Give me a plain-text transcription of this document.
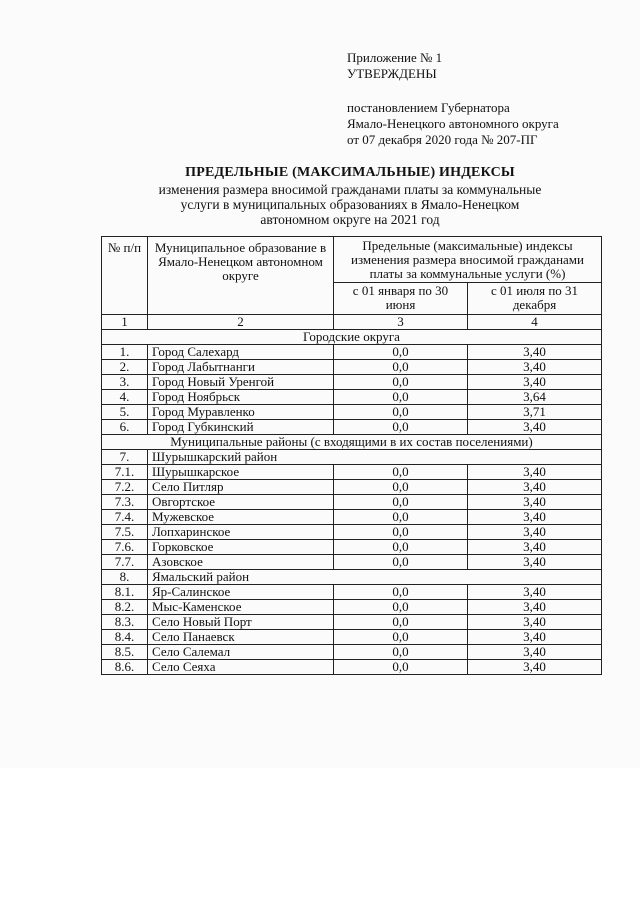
Приложение № 1
УТВЕРЖДЕНЫ
постановлением Губернатора
Ямало-Ненецкого автономного округа
от 07 декабря 2020 года № 207-ПГ
ПРЕДЕЛЬНЫЕ (МАКСИМАЛЬНЫЕ) ИНДЕКСЫ
изменения размера вносимой гражданами платы за коммунальные
услуги в муниципальных образованиях в Ямало-Ненецком
автономном округе на 2021 год
№ п/п	Муниципальное образование в Ямало-Ненецком автономном округе	Предельные (максимальные) индексы изменения размера вносимой гражданами платы за коммунальные услуги (%)	
		с 01 января по 30 июня	с 01 июля по 31 декабря
1	2	3	4
Городские округа			
1.	Город Салехард	0,0	3,40
2.	Город Лабытнанги	0,0	3,40
3.	Город Новый Уренгой	0,0	3,40
4.	Город Ноябрьск	0,0	3,64
5.	Город Муравленко	0,0	3,71
6.	Город Губкинский	0,0	3,40
Муниципальные районы (с входящими в их состав поселениями)			
7.	Шурышкарский район		
7.1.	Шурышкарское	0,0	3,40
7.2.	Село Питляр	0,0	3,40
7.3.	Овгортское	0,0	3,40
7.4.	Мужевское	0,0	3,40
7.5.	Лопхаринское	0,0	3,40
7.6.	Горковское	0,0	3,40
7.7.	Азовское	0,0	3,40
8.	Ямальский район		
8.1.	Яр-Салинское	0,0	3,40
8.2.	Мыс-Каменское	0,0	3,40
8.3.	Село Новый Порт	0,0	3,40
8.4.	Село Панаевск	0,0	3,40
8.5.	Село Салемал	0,0	3,40
8.6.	Село Сеяха	0,0	3,40
